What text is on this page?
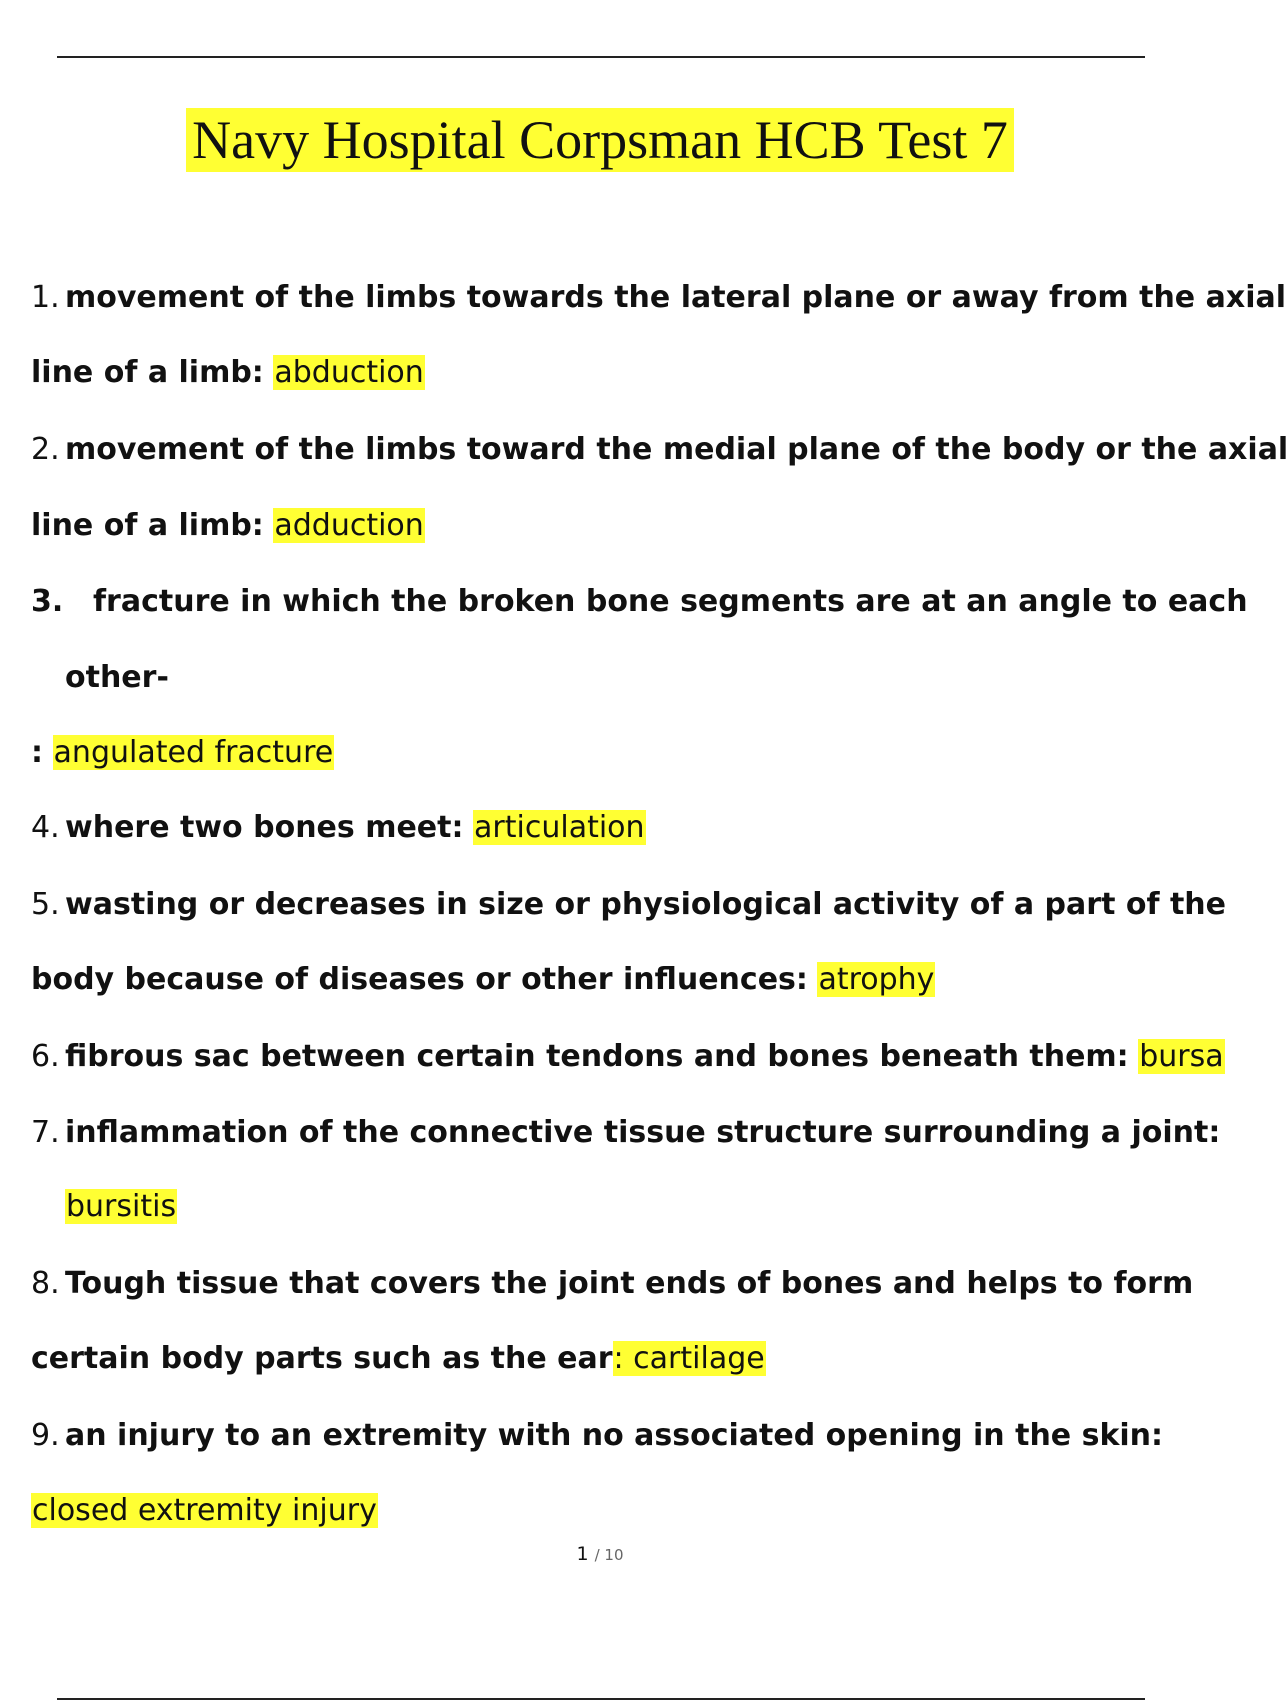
Navy Hospital Corpsman HCB Test 7
1. movement of the limbs towards the lateral plane or away from the axial
line of a limb: abduction
2. movement of the limbs toward the medial plane of the body or the axial
line of a limb: adduction
3. fracture in which the broken bone segments are at an angle to each
other-
: angulated fracture
4. where two bones meet: articulation
5. wasting or decreases in size or physiological activity of a part of the
body because of diseases or other influences: atrophy
6. fibrous sac between certain tendons and bones beneath them: bursa
7. inflammation of the connective tissue structure surrounding a joint:
bursitis
8. Tough tissue that covers the joint ends of bones and helps to form
certain body parts such as the ear: cartilage
9. an injury to an extremity with no associated opening in the skin:
closed extremity injury
1 / 10
